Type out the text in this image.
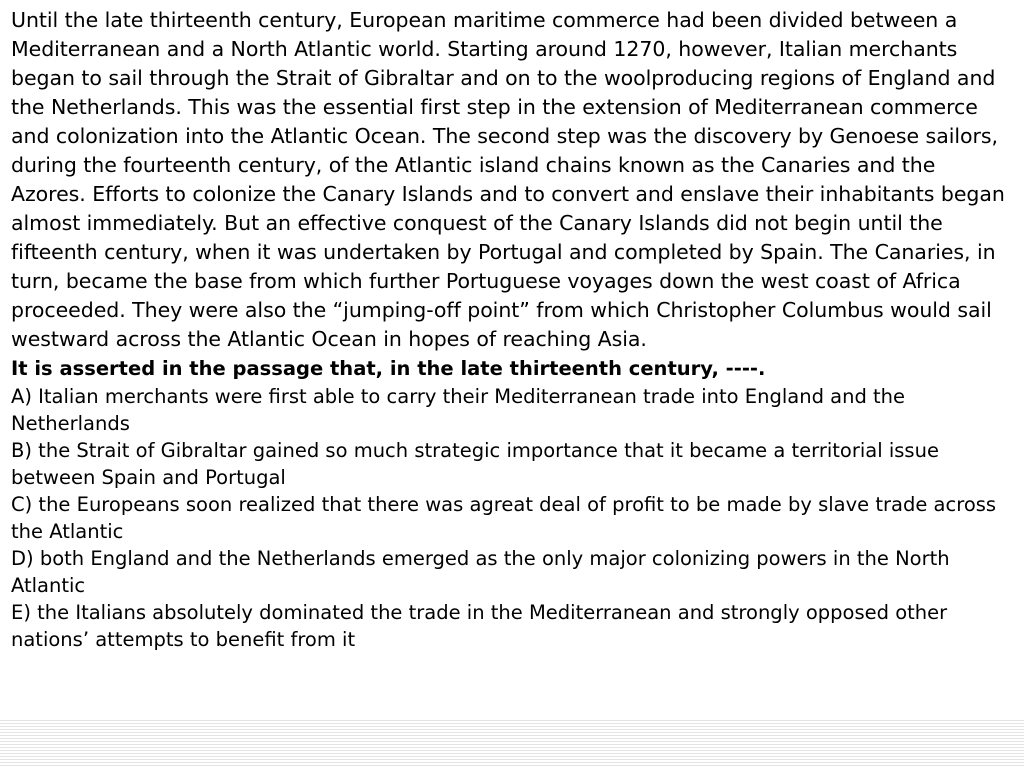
Until the late thirteenth century, European maritime commerce had been divided between a Mediterranean and a North Atlantic world. Starting around 1270, however, Italian merchants began to sail through the Strait of Gibraltar and on to the woolproducing regions of England and the Netherlands. This was the essential first step in the extension of Mediterranean commerce and colonization into the Atlantic Ocean. The second step was the discovery by Genoese sailors, during the fourteenth century, of the Atlantic island chains known as the Canaries and the Azores. Efforts to colonize the Canary Islands and to convert and enslave their inhabitants began almost immediately. But an effective conquest of the Canary Islands did not begin until the fifteenth century, when it was undertaken by Portugal and completed by Spain. The Canaries, in turn, became the base from which further Portuguese voyages down the west coast of Africa proceeded. They were also the “jumping-off point” from which Christopher Columbus would sail westward across the Atlantic Ocean in hopes of reaching Asia.

It is asserted in the passage that, in the late thirteenth century, ----.

A) Italian merchants were first able to carry their Mediterranean trade into England and the Netherlands
B) the Strait of Gibraltar gained so much strategic importance that it became a territorial issue between Spain and Portugal
C) the Europeans soon realized that there was agreat deal of profit to be made by slave trade across the Atlantic
D) both England and the Netherlands emerged as the only major colonizing powers in the North Atlantic
E) the Italians absolutely dominated the trade in the Mediterranean and strongly opposed other nations’ attempts to benefit from it
